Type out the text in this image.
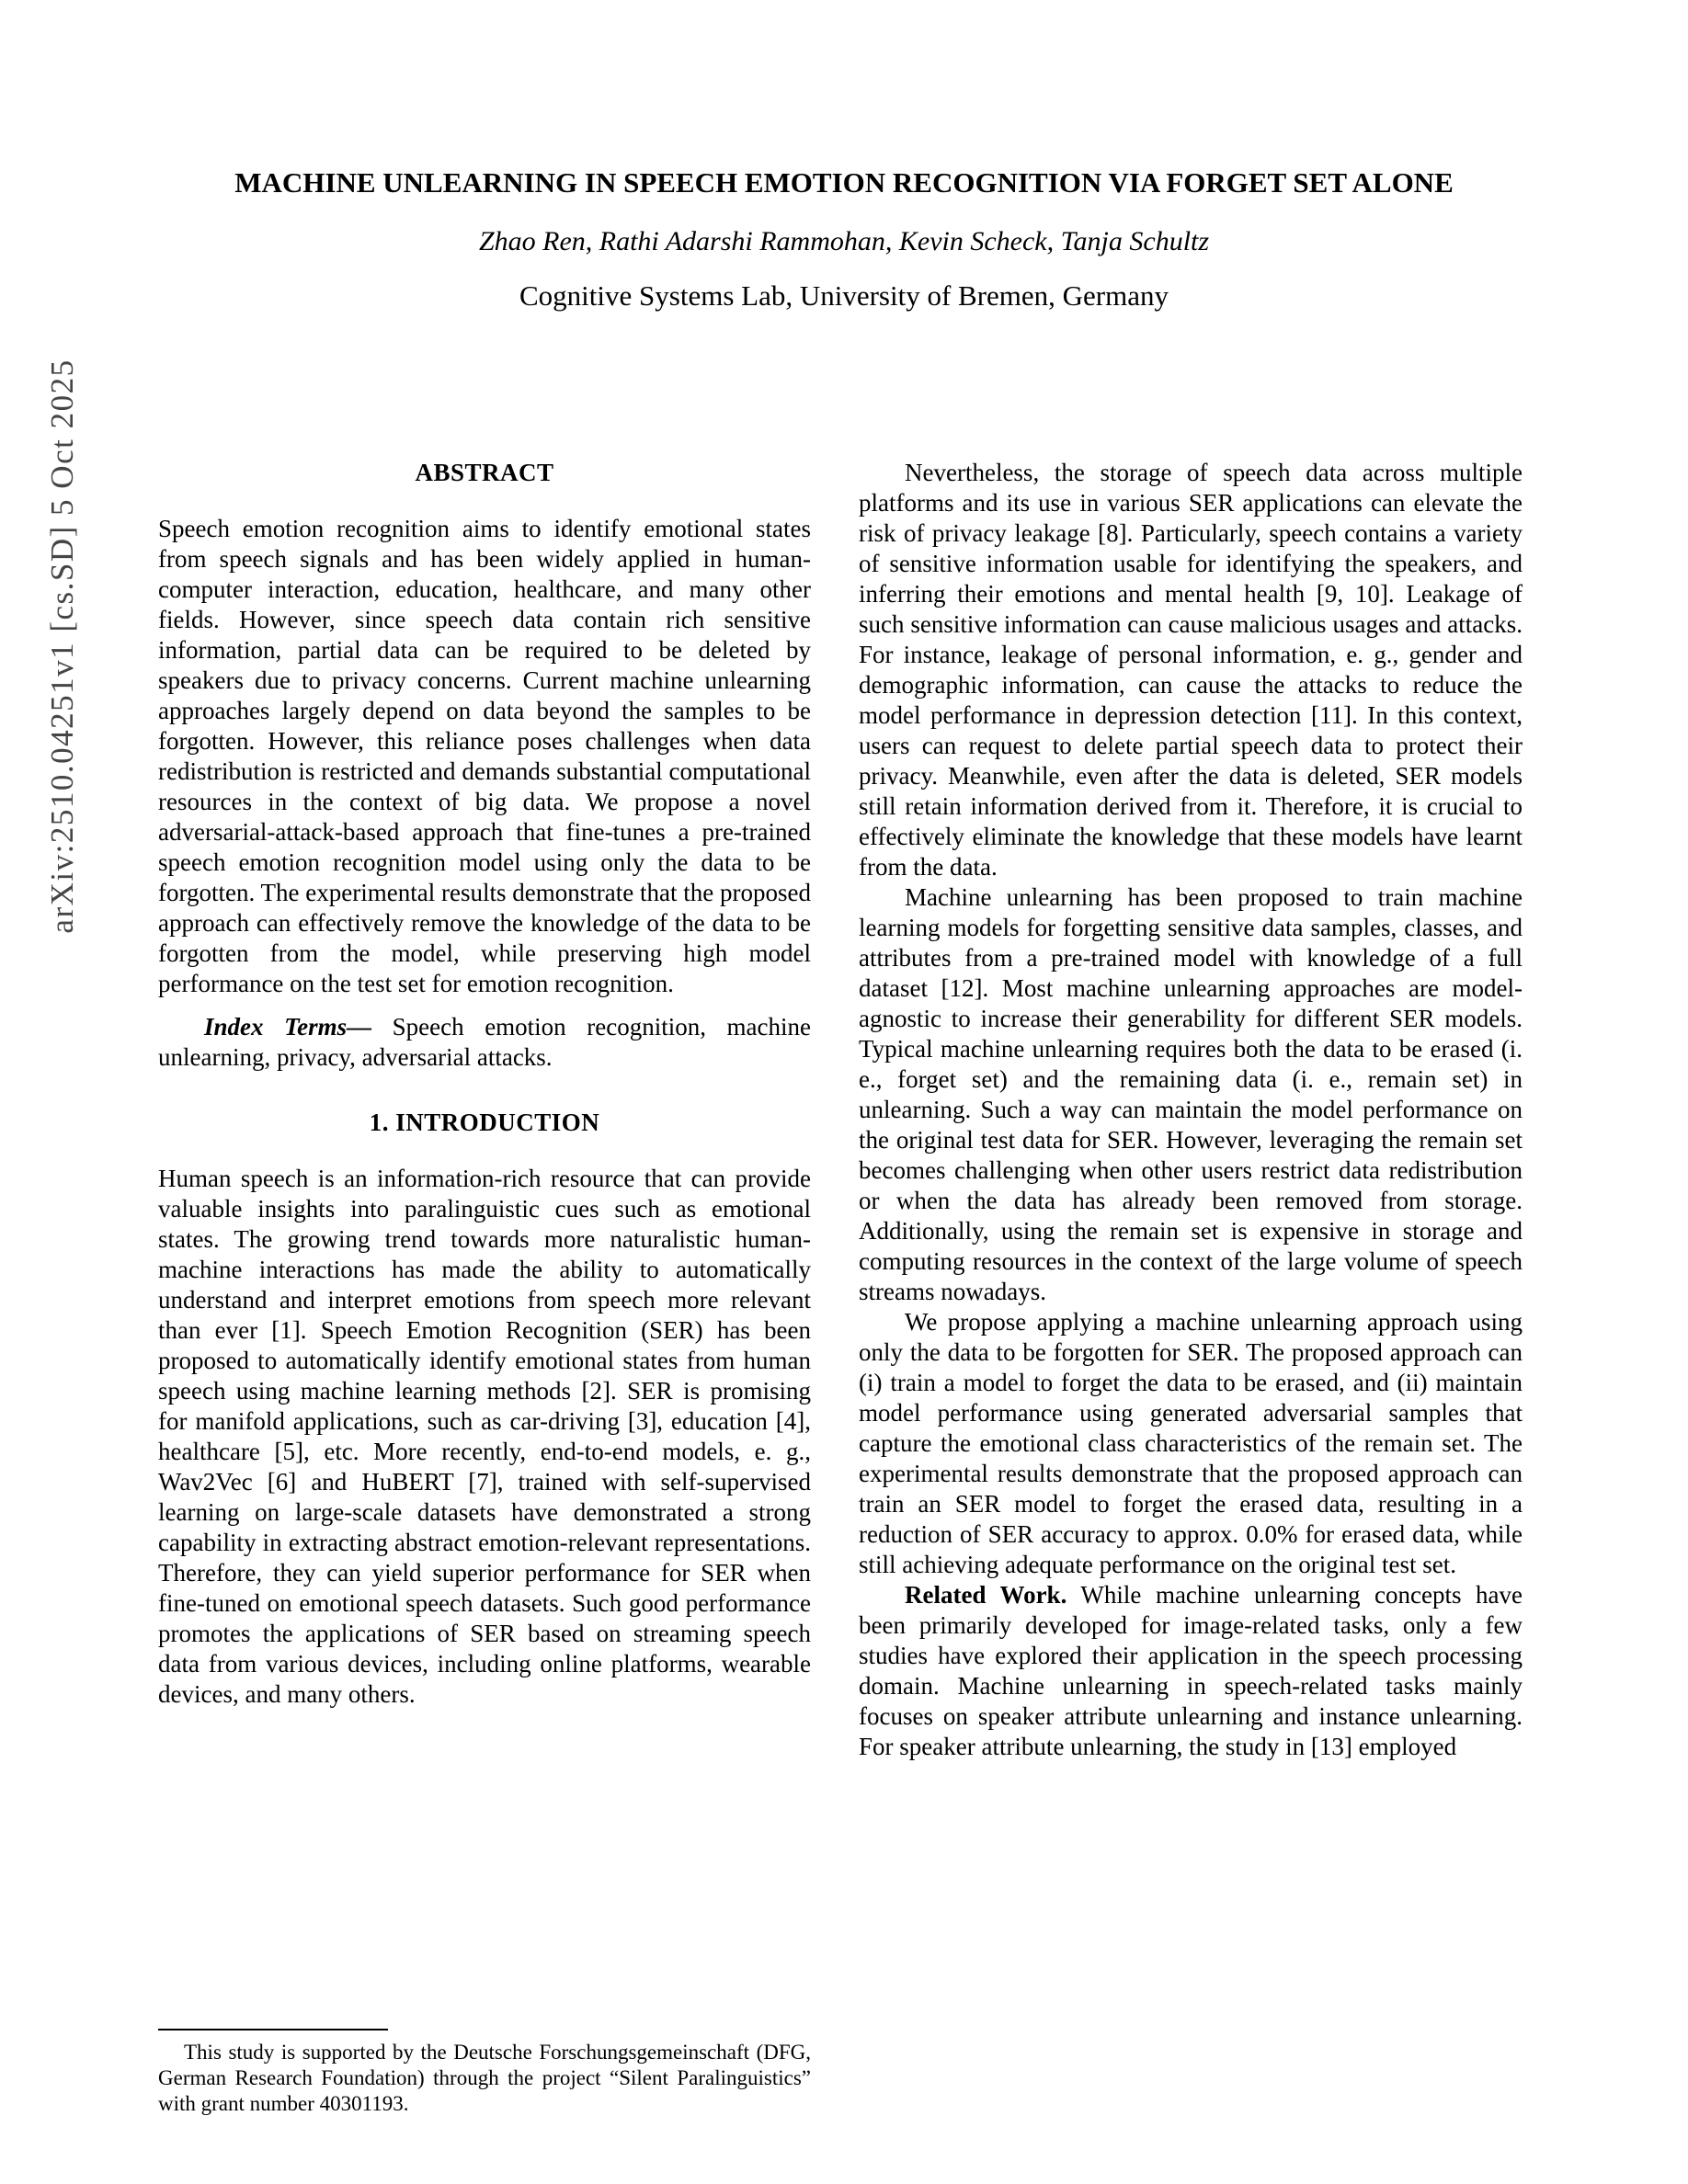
arXiv:2510.04251v1 [cs.SD] 5 Oct 2025
MACHINE UNLEARNING IN SPEECH EMOTION RECOGNITION VIA FORGET SET ALONE
Zhao Ren, Rathi Adarshi Rammohan, Kevin Scheck, Tanja Schultz
Cognitive Systems Lab, University of Bremen, Germany
ABSTRACT

Speech emotion recognition aims to identify emotional states from speech signals and has been widely applied in human-computer interaction, education, healthcare, and many other fields. However, since speech data contain rich sensitive information, partial data can be required to be deleted by speakers due to privacy concerns. Current machine unlearning approaches largely depend on data beyond the samples to be forgotten. However, this reliance poses challenges when data redistribution is restricted and demands substantial computational resources in the context of big data. We propose a novel adversarial-attack-based approach that fine-tunes a pre-trained speech emotion recognition model using only the data to be forgotten. The experimental results demonstrate that the proposed approach can effectively remove the knowledge of the data to be forgotten from the model, while preserving high model performance on the test set for emotion recognition.

Index Terms— Speech emotion recognition, machine unlearning, privacy, adversarial attacks.

1. INTRODUCTION

Human speech is an information-rich resource that can provide valuable insights into paralinguistic cues such as emotional states. The growing trend towards more naturalistic human-machine interactions has made the ability to automatically understand and interpret emotions from speech more relevant than ever [1]. Speech Emotion Recognition (SER) has been proposed to automatically identify emotional states from human speech using machine learning methods [2]. SER is promising for manifold applications, such as car-driving [3], education [4], healthcare [5], etc. More recently, end-to-end models, e. g., Wav2Vec [6] and HuBERT [7], trained with self-supervised learning on large-scale datasets have demonstrated a strong capability in extracting abstract emotion-relevant representations. Therefore, they can yield superior performance for SER when fine-tuned on emotional speech datasets. Such good performance promotes the applications of SER based on streaming speech data from various devices, including online platforms, wearable devices, and many others.

This study is supported by the Deutsche Forschungsgemeinschaft (DFG, German Research Foundation) through the project “Silent Paralinguistics” with grant number 40301193.

Nevertheless, the storage of speech data across multiple platforms and its use in various SER applications can elevate the risk of privacy leakage [8]. Particularly, speech contains a variety of sensitive information usable for identifying the speakers, and inferring their emotions and mental health [9, 10]. Leakage of such sensitive information can cause malicious usages and attacks. For instance, leakage of personal information, e. g., gender and demographic information, can cause the attacks to reduce the model performance in depression detection [11]. In this context, users can request to delete partial speech data to protect their privacy. Meanwhile, even after the data is deleted, SER models still retain information derived from it. Therefore, it is crucial to effectively eliminate the knowledge that these models have learnt from the data.

Machine unlearning has been proposed to train machine learning models for forgetting sensitive data samples, classes, and attributes from a pre-trained model with knowledge of a full dataset [12]. Most machine unlearning approaches are model-agnostic to increase their generability for different SER models. Typical machine unlearning requires both the data to be erased (i. e., forget set) and the remaining data (i. e., remain set) in unlearning. Such a way can maintain the model performance on the original test data for SER. However, leveraging the remain set becomes challenging when other users restrict data redistribution or when the data has already been removed from storage. Additionally, using the remain set is expensive in storage and computing resources in the context of the large volume of speech streams nowadays.

We propose applying a machine unlearning approach using only the data to be forgotten for SER. The proposed approach can (i) train a model to forget the data to be erased, and (ii) maintain model performance using generated adversarial samples that capture the emotional class characteristics of the remain set. The experimental results demonstrate that the proposed approach can train an SER model to forget the erased data, resulting in a reduction of SER accuracy to approx. 0.0% for erased data, while still achieving adequate performance on the original test set.

Related Work. While machine unlearning concepts have been primarily developed for image-related tasks, only a few studies have explored their application in the speech processing domain. Machine unlearning in speech-related tasks mainly focuses on speaker attribute unlearning and instance unlearning. For speaker attribute unlearning, the study in [13] employed
